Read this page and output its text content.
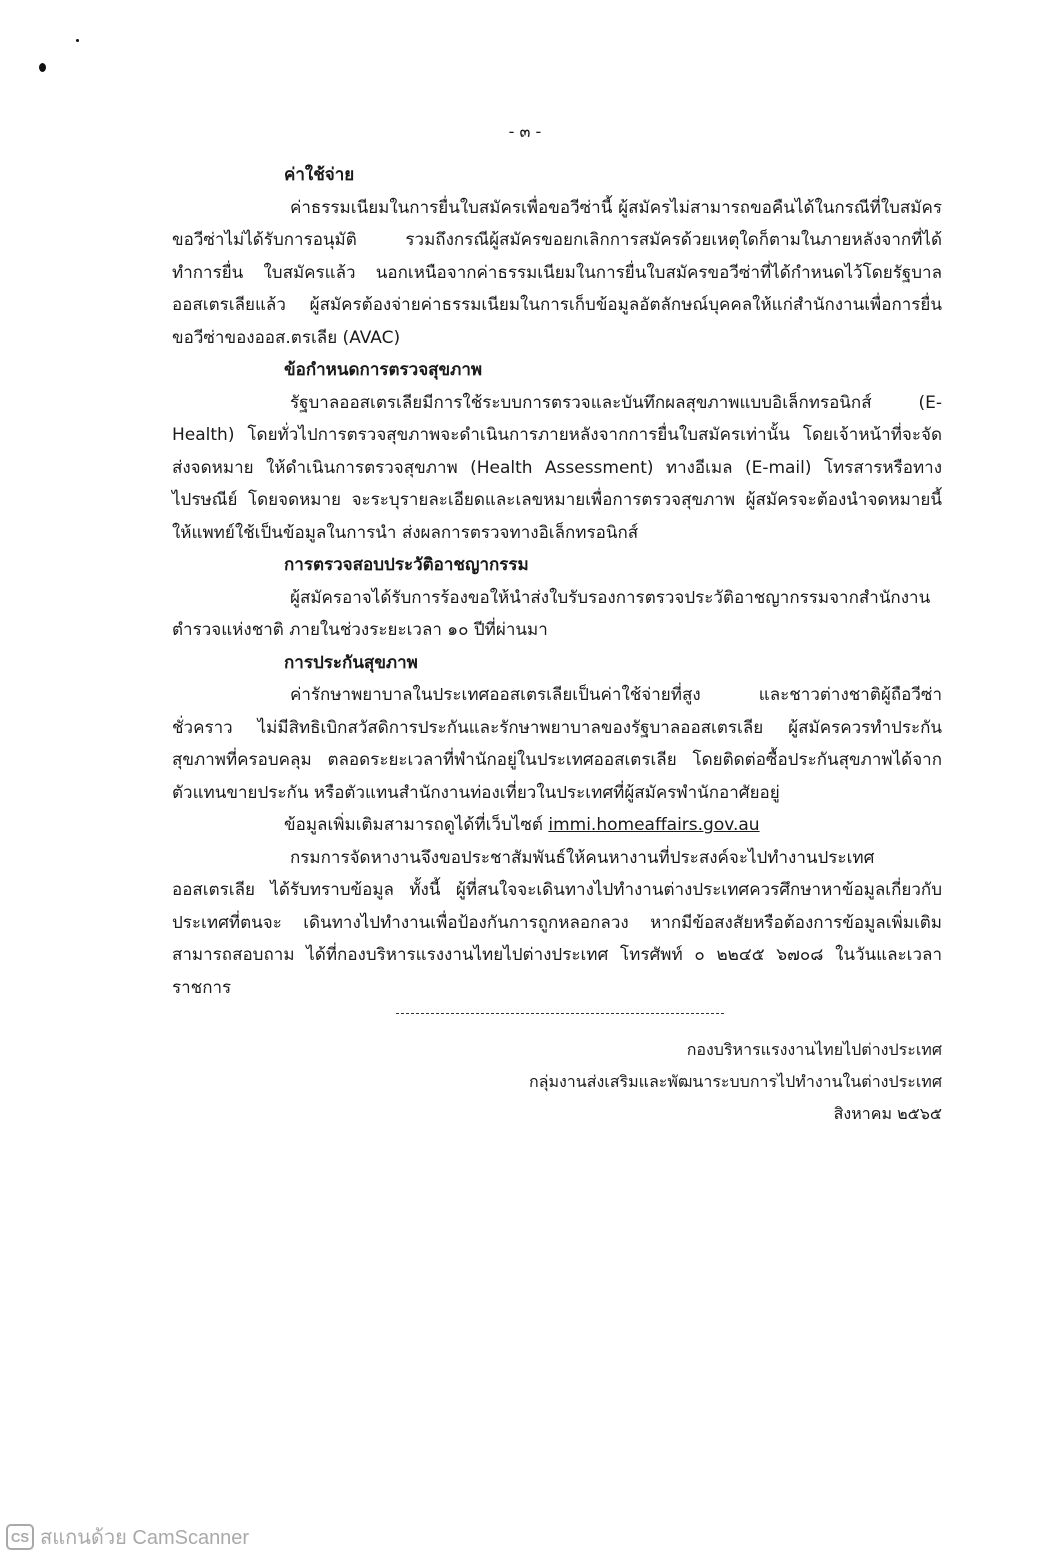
- ๓ -

ค่าใช้จ่าย

ค่าธรรมเนียมในการยื่นใบสมัครเพื่อขอวีซ่านี้ ผู้สมัครไม่สามารถขอคืนได้ในกรณีที่ใบสมัคร ขอวีซ่าไม่ได้รับการอนุมัติ รวมถึงกรณีผู้สมัครขอยกเลิกการสมัครด้วยเหตุใดก็ตามในภายหลังจากที่ได้ทำการยื่น ใบสมัครแล้ว นอกเหนือจากค่าธรรมเนียมในการยื่นใบสมัครขอวีซ่าที่ได้กำหนดไว้โดยรัฐบาลออสเตรเลียแล้ว ผู้สมัครต้องจ่ายค่าธรรมเนียมในการเก็บข้อมูลอัตลักษณ์บุคคลให้แก่สำนักงานเพื่อการยื่นขอวีซ่าของออส.ตรเลีย (AVAC)

ข้อกำหนดการตรวจสุขภาพ

รัฐบาลออสเตรเลียมีการใช้ระบบการตรวจและบันทึกผลสุขภาพแบบอิเล็กทรอนิกส์ (E-Health) โดยทั่วไปการตรวจสุขภาพจะดำเนินการภายหลังจากการยื่นใบสมัครเท่านั้น โดยเจ้าหน้าที่จะจัดส่งจดหมาย ให้ดำเนินการตรวจสุขภาพ (Health Assessment) ทางอีเมล (E-mail) โทรสารหรือทางไปรษณีย์ โดยจดหมาย จะระบุรายละเอียดและเลขหมายเพื่อการตรวจสุขภาพ ผู้สมัครจะต้องนำจดหมายนี้ให้แพทย์ใช้เป็นข้อมูลในการนำ ส่งผลการตรวจทางอิเล็กทรอนิกส์

การตรวจสอบประวัติอาชญากรรม

ผู้สมัครอาจได้รับการร้องขอให้นำส่งใบรับรองการตรวจประวัติอาชญากรรมจากสำนักงาน ตำรวจแห่งชาติ ภายในช่วงระยะเวลา ๑๐ ปีที่ผ่านมา

การประกันสุขภาพ

ค่ารักษาพยาบาลในประเทศออสเตรเลียเป็นค่าใช้จ่ายที่สูง และชาวต่างชาติผู้ถือวีซ่าชั่วคราว ไม่มีสิทธิเบิกสวัสดิการประกันและรักษาพยาบาลของรัฐบาลออสเตรเลีย ผู้สมัครควรทำประกันสุขภาพที่ครอบคลุม ตลอดระยะเวลาที่พำนักอยู่ในประเทศออสเตรเลีย โดยติดต่อซื้อประกันสุขภาพได้จากตัวแทนขายประกัน หรือตัวแทนสำนักงานท่องเที่ยวในประเทศที่ผู้สมัครพำนักอาศัยอยู่

ข้อมูลเพิ่มเติมสามารถดูได้ที่เว็บไซต์ immi.homeaffairs.gov.au

กรมการจัดหางานจึงขอประชาสัมพันธ์ให้คนหางานที่ประสงค์จะไปทำงานประเทศออสเตรเลีย ได้รับทราบข้อมูล ทั้งนี้ ผู้ที่สนใจจะเดินทางไปทำงานต่างประเทศควรศึกษาหาข้อมูลเกี่ยวกับประเทศที่ตนจะ เดินทางไปทำงานเพื่อป้องกันการถูกหลอกลวง หากมีข้อสงสัยหรือต้องการข้อมูลเพิ่มเติมสามารถสอบถาม ได้ที่กองบริหารแรงงานไทยไปต่างประเทศ โทรศัพท์ ๐ ๒๒๔๕ ๖๗๐๘ ในวันและเวลาราชการ

กองบริหารแรงงานไทยไปต่างประเทศ
กลุ่มงานส่งเสริมและพัฒนาระบบการไปทำงานในต่างประเทศ
สิงหาคม ๒๕๖๕
CS สแกนด้วย CamScanner
